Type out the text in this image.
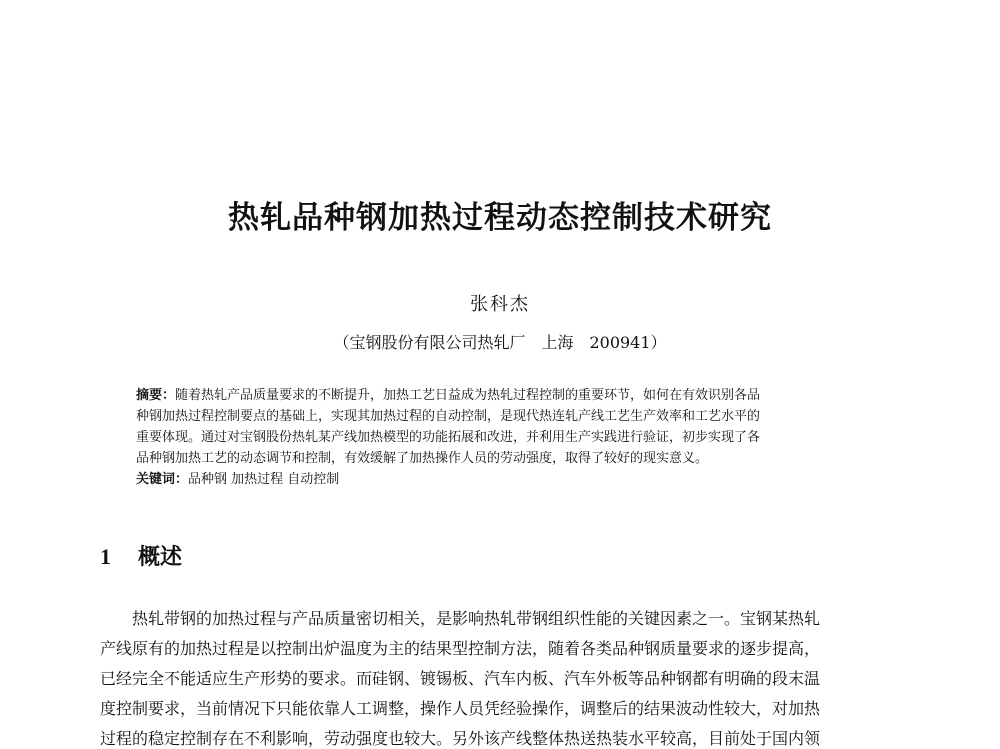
热轧品种钢加热过程动态控制技术研究
张科杰
（宝钢股份有限公司热轧厂　上海　200941）

摘要：随着热轧产品质量要求的不断提升，加热工艺日益成为热轧过程控制的重要环节，如何在有效识别各品

种钢加热过程控制要点的基础上，实现其加热过程的自动控制，是现代热连轧产线工艺生产效率和工艺水平的

重要体现。通过对宝钢股份热轧某产线加热模型的功能拓展和改进，并利用生产实践进行验证，初步实现了各

品种钢加热工艺的动态调节和控制，有效缓解了加热操作人员的劳动强度，取得了较好的现实意义。

关键词：品种钢 加热过程 自动控制

1 概述

　　热轧带钢的加热过程与产品质量密切相关，是影响热轧带钢组织性能的关键因素之一。宝钢某热轧

产线原有的加热过程是以控制出炉温度为主的结果型控制方法，随着各类品种钢质量要求的逐步提高，

已经完全不能适应生产形势的要求。而硅钢、镀锡板、汽车内板、汽车外板等品种钢都有明确的段末温

度控制要求，当前情况下只能依靠人工调整，操作人员凭经验操作，调整后的结果波动性较大，对加热

过程的稳定控制存在不利影响，劳动强度也较大。另外该产线整体热送热装水平较高，目前处于国内领
